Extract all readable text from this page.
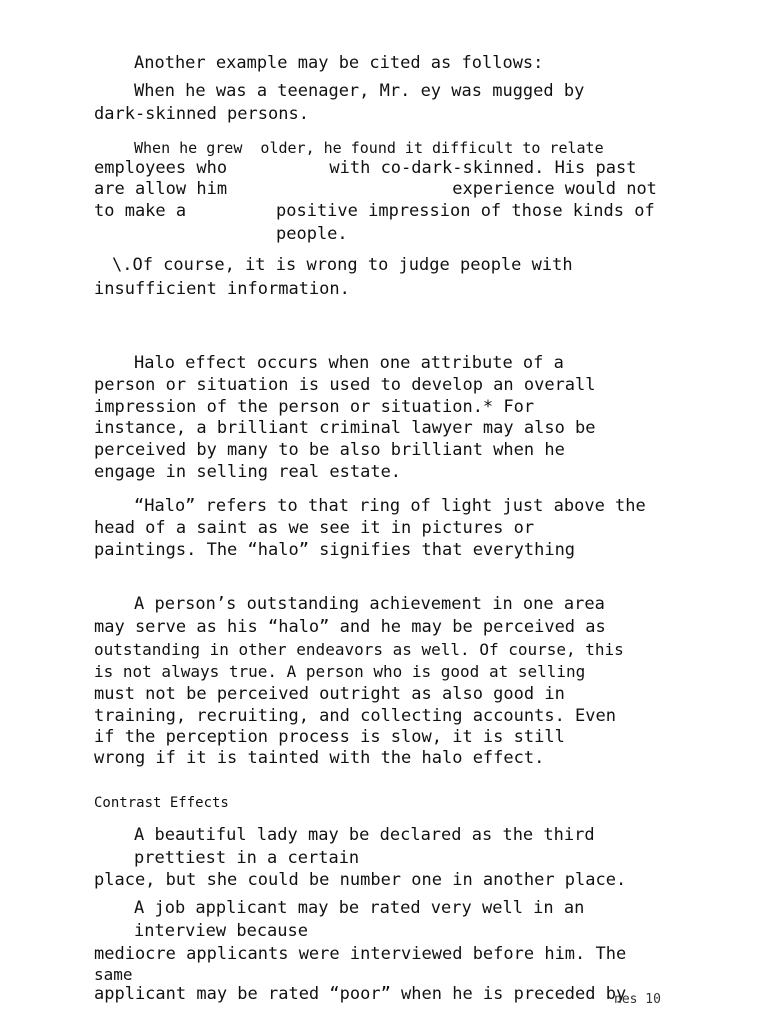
Another example may be cited as follows:
When he was a teenager, Mr. ey was mugged by
dark-skinned persons.
When he grew  older, he found it difficult to relate
employees who          with co-dark-skinned. His past
are allow him                      experience would not
to make a	positive impression of those kinds of
people.
\.Of course, it is wrong to judge people with
insufficient information.
Halo effect occurs when one attribute of a
person or situation is used to develop an overall
impression of the person or situation.* For
instance, a brilliant criminal lawyer may also be
perceived by many to be also brilliant when he
engage in selling real estate.
“Halo” refers to that ring of light just above the
head of a saint as we see it in pictures or
paintings. The “halo” signifies that everything
A person’s outstanding achievement in one area
may serve as his “halo” and he may be perceived as
outstanding in other endeavors as well. Of course, this
is not always true. A person who is good at selling
must not be perceived outright as also good in
training, recruiting, and collecting accounts. Even
if the perception process is slow, it is still
wrong if it is tainted with the halo effect.
Contrast Effects
A beautiful lady may be declared as the third
prettiest in a certain
place, but she could be number one in another place.
A job applicant may be rated very well in an
interview because
mediocre applicants were interviewed before him. The
same
applicant may be rated “poor” when he is preceded by
nes 10
